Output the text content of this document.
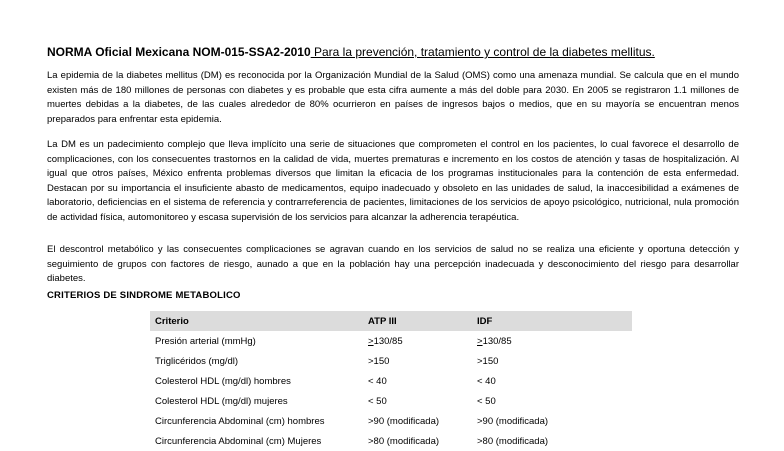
NORMA Oficial Mexicana NOM-015-SSA2-2010 Para la prevención, tratamiento y control de la diabetes mellitus.

La epidemia de la diabetes mellitus (DM) es reconocida por la Organización Mundial de la Salud (OMS) como una amenaza mundial. Se calcula que en el mundo existen más de 180 millones de personas con diabetes y es probable que esta cifra aumente a más del doble para 2030. En 2005 se registraron 1.1 millones de muertes debidas a la diabetes, de las cuales alrededor de 80% ocurrieron en países de ingresos bajos o medios, que en su mayoría se encuentran menos preparados para enfrentar esta epidemia.

La DM es un padecimiento complejo que lleva implícito una serie de situaciones que comprometen el control en los pacientes, lo cual favorece el desarrollo de complicaciones, con los consecuentes trastornos en la calidad de vida, muertes prematuras e incremento en los costos de atención y tasas de hospitalización. Al igual que otros países, México enfrenta problemas diversos que limitan la eficacia de los programas institucionales para la contención de esta enfermedad. Destacan por su importancia el insuficiente abasto de medicamentos, equipo inadecuado y obsoleto en las unidades de salud, la inaccesibilidad a exámenes de laboratorio, deficiencias en el sistema de referencia y contrarreferencia de pacientes, limitaciones de los servicios de apoyo psicológico, nutricional, nula promoción de actividad física, automonitoreo y escasa supervisión de los servicios para alcanzar la adherencia terapéutica.

El descontrol metabólico y las consecuentes complicaciones se agravan cuando en los servicios de salud no se realiza una eficiente y oportuna detección y seguimiento de grupos con factores de riesgo, aunado a que en la población hay una percepción inadecuada y desconocimiento del riesgo para desarrollar diabetes.

CRITERIOS DE SINDROME METABOLICO
Criterio	ATP III	IDF
Presión arterial (mmHg)	>130/85	>130/85
Triglicéridos (mg/dl)	>150	>150
Colesterol HDL (mg/dl) hombres	< 40	< 40
Colesterol HDL (mg/dl) mujeres	< 50	< 50
Circunferencia Abdominal (cm) hombres	>90 (modificada)	>90 (modificada)
Circunferencia Abdominal (cm) Mujeres	>80 (modificada)	>80 (modificada)
